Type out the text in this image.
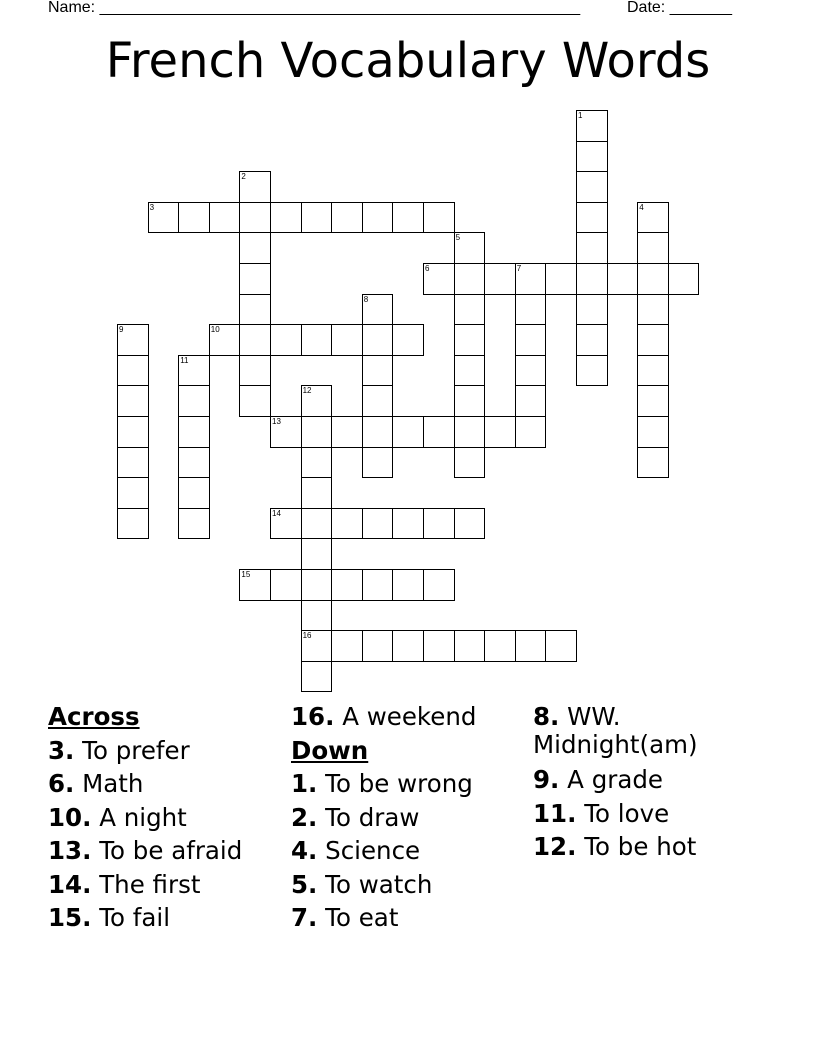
Name: ______________________________________________________	Date: _______
French Vocabulary Words
1
2
3	4
5
6	7
8
9	10
11
12
16
13
14
15
Across
3. To prefer
6. Math
10. A night
13. To be afraid
14. The first
15. To fail
16. A weekend
Down
1. To be wrong
2. To draw
4. Science
5. To watch
7. To eat
8. WW. Midnight(am)
9. A grade
11. To love
12. To be hot
